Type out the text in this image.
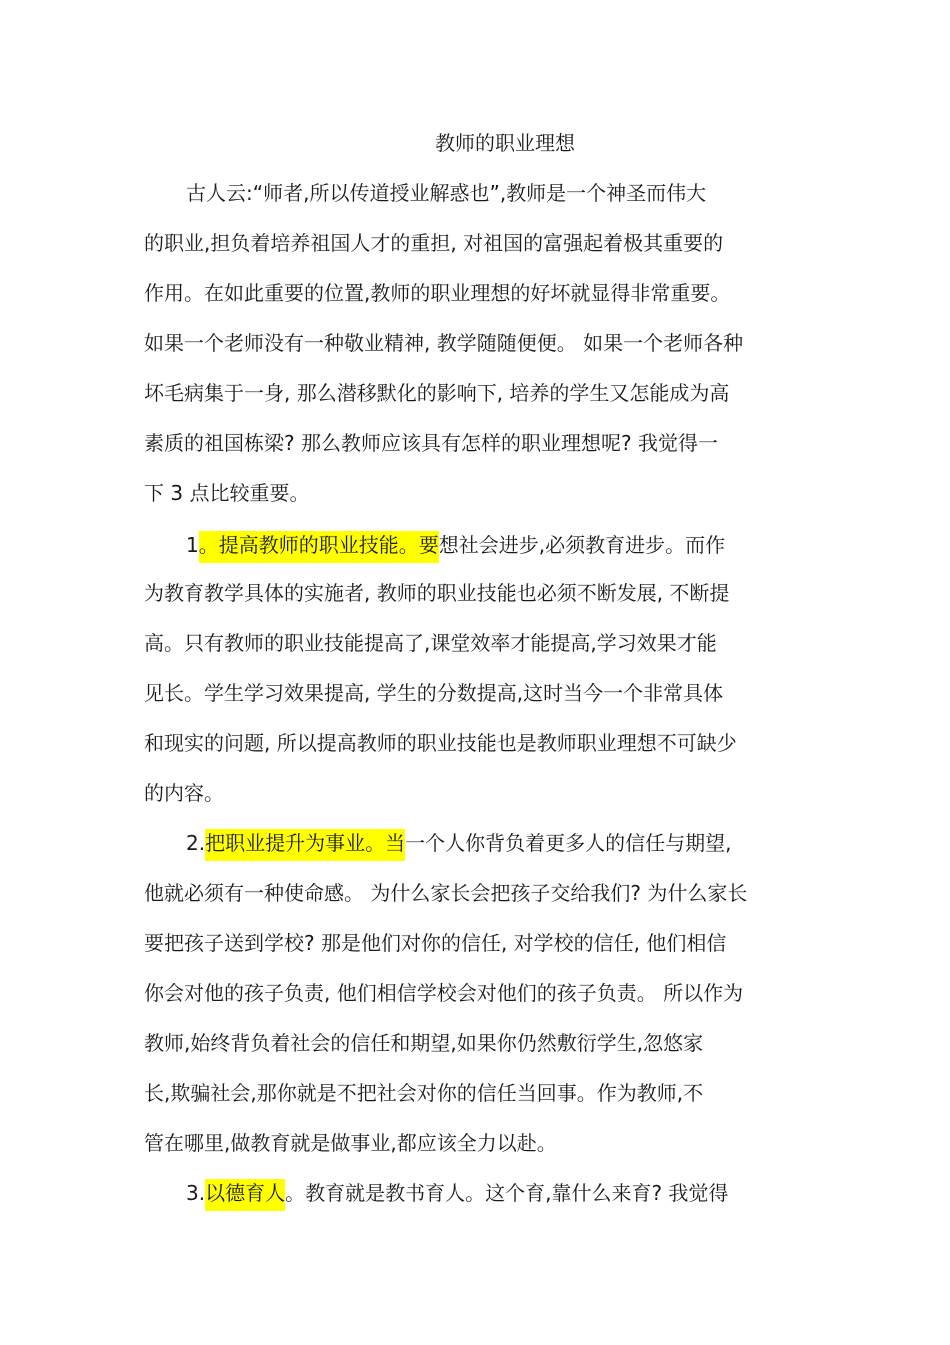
教师的职业理想
古人云:“师者,所以传道授业解惑也”,教师是一个神圣而伟大
的职业,担负着培养祖国人才的重担, 对祖国的富强起着极其重要的
作用。在如此重要的位置,教师的职业理想的好坏就显得非常重要。
如果一个老师没有一种敬业精神, 教学随随便便。 如果一个老师各种
坏毛病集于一身, 那么潜移默化的影响下, 培养的学生又怎能成为高
素质的祖国栋梁? 那么教师应该具有怎样的职业理想呢? 我觉得一
下 3 点比较重要。
1。提高教师的职业技能。要想社会进步,必须教育进步。而作
为教育教学具体的实施者, 教师的职业技能也必须不断发展, 不断提
高。只有教师的职业技能提高了,课堂效率才能提高,学习效果才能
见长。学生学习效果提高, 学生的分数提高,这时当今一个非常具体
和现实的问题, 所以提高教师的职业技能也是教师职业理想不可缺少
的内容。
2.把职业提升为事业。当一个人你背负着更多人的信任与期望,
他就必须有一种使命感。 为什么家长会把孩子交给我们? 为什么家长
要把孩子送到学校? 那是他们对你的信任, 对学校的信任, 他们相信
你会对他的孩子负责, 他们相信学校会对他们的孩子负责。 所以作为
教师,始终背负着社会的信任和期望,如果你仍然敷衍学生,忽悠家
长,欺骗社会,那你就是不把社会对你的信任当回事。作为教师,不
管在哪里,做教育就是做事业,都应该全力以赴。
3.以德育人。教育就是教书育人。这个育,靠什么来育? 我觉得
